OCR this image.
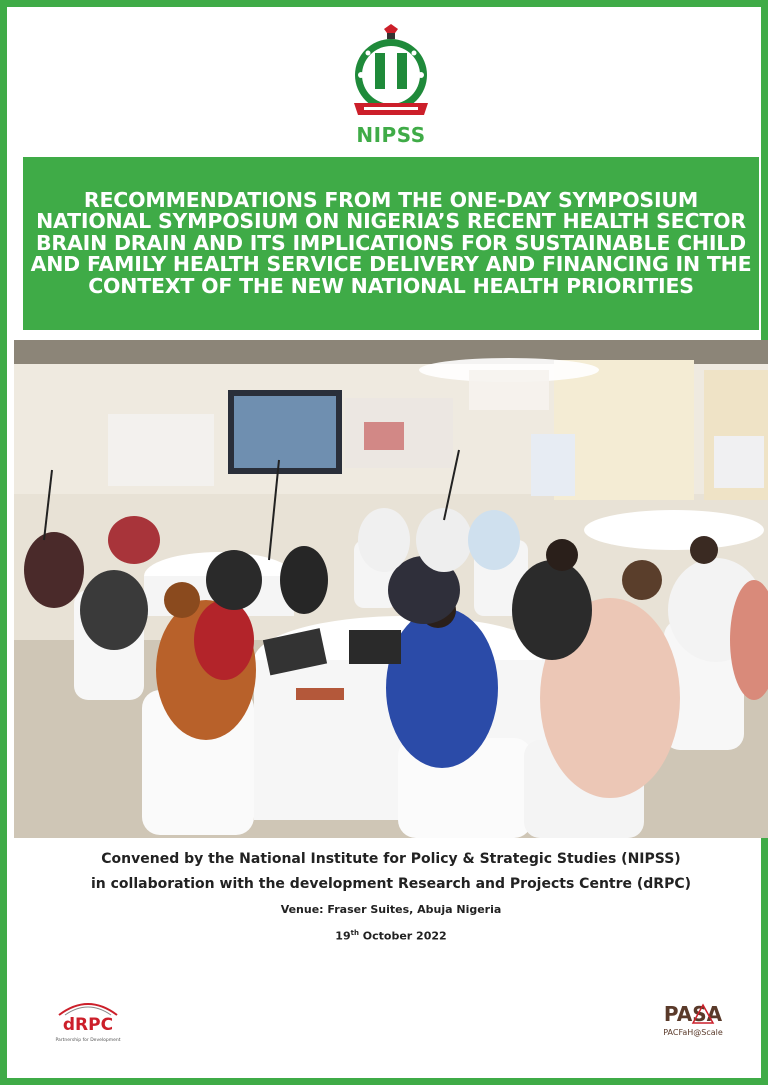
NIPSS
RECOMMENDATIONS FROM THE ONE-DAY SYMPOSIUM NATIONAL SYMPOSIUM ON NIGERIA’S RECENT HEALTH SECTOR BRAIN DRAIN AND ITS IMPLICATIONS FOR SUSTAINABLE CHILD AND FAMILY HEALTH SERVICE DELIVERY AND FINANCING IN THE CONTEXT OF THE NEW NATIONAL HEALTH PRIORITIES
Convened by the National Institute for Policy & Strategic Studies (NIPSS)
in collaboration with the development Research and Projects Centre (dRPC)
Venue: Fraser Suites, Abuja Nigeria
19th October 2022
dRPC
Partnership for Development
PASA
PACFaH@Scale
